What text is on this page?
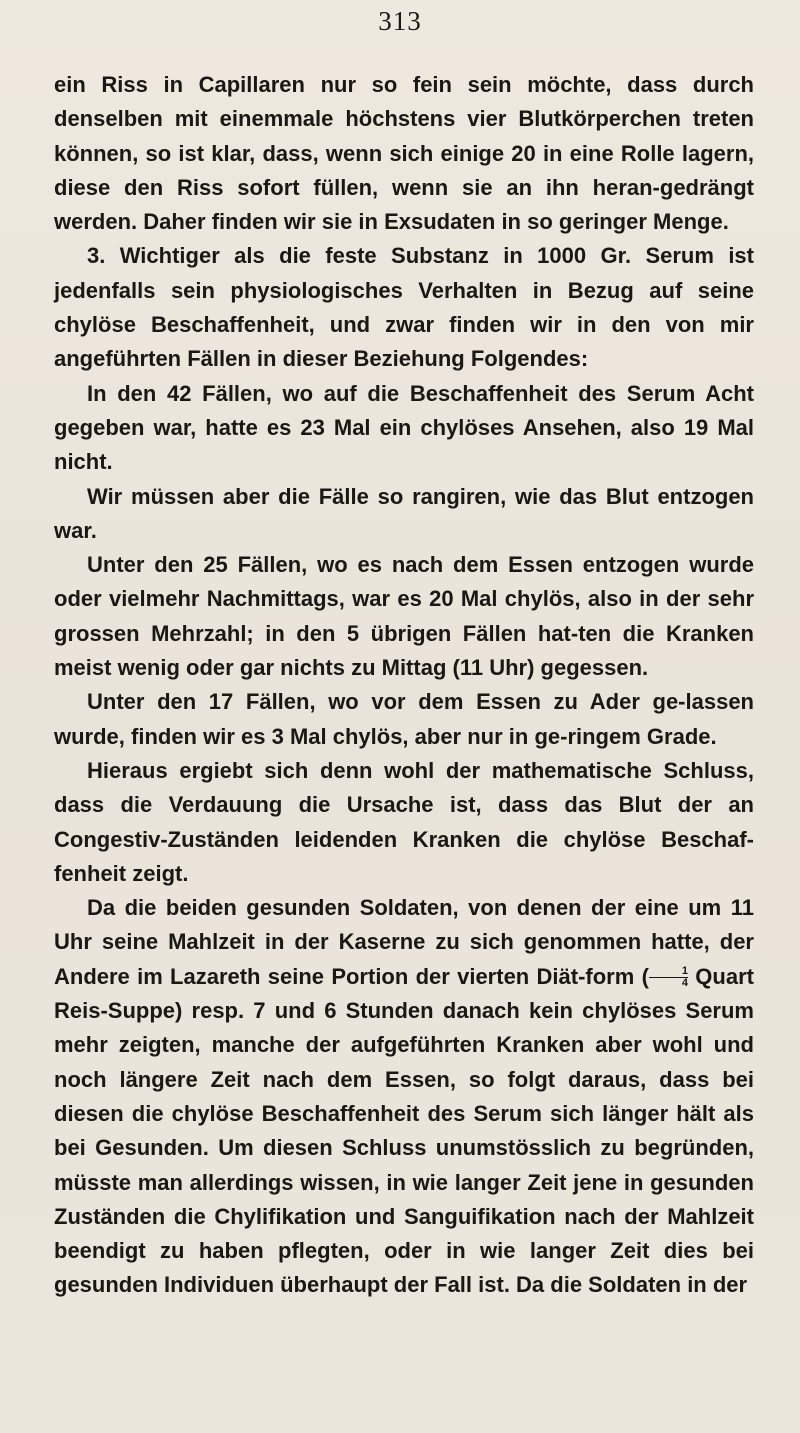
313

ein Riss in Capillaren nur so fein sein möchte, dass durch denselben mit einemmale höchstens vier Blutkörperchen treten können, so ist klar, dass, wenn sich einige 20 in eine Rolle lagern, diese den Riss sofort füllen, wenn sie an ihn heran-gedrängt werden. Daher finden wir sie in Exsudaten in so geringer Menge.

3. Wichtiger als die feste Substanz in 1000 Gr. Serum ist jedenfalls sein physiologisches Verhalten in Bezug auf seine chylöse Beschaffenheit, und zwar finden wir in den von mir angeführten Fällen in dieser Beziehung Folgendes:

In den 42 Fällen, wo auf die Beschaffenheit des Serum Acht gegeben war, hatte es 23 Mal ein chylöses Ansehen, also 19 Mal nicht.

Wir müssen aber die Fälle so rangiren, wie das Blut entzogen war.

Unter den 25 Fällen, wo es nach dem Essen entzogen wurde oder vielmehr Nachmittags, war es 20 Mal chylös, also in der sehr grossen Mehrzahl; in den 5 übrigen Fällen hat-ten die Kranken meist wenig oder gar nichts zu Mittag (11 Uhr) gegessen.

Unter den 17 Fällen, wo vor dem Essen zu Ader ge-lassen wurde, finden wir es 3 Mal chylös, aber nur in ge-ringem Grade.

Hieraus ergiebt sich denn wohl der mathematische Schluss, dass die Verdauung die Ursache ist, dass das Blut der an Congestiv-Zuständen leidenden Kranken die chylöse Beschaf-fenheit zeigt.

Da die beiden gesunden Soldaten, von denen der eine um 11 Uhr seine Mahlzeit in der Kaserne zu sich genommen hatte, der Andere im Lazareth seine Portion der vierten Diät-form ( $\frac{1}{4}$ Quart Reis-Suppe) resp. 7 und 6 Stunden danach kein chylöses Serum mehr zeigten, manche der aufgeführten Kranken aber wohl und noch längere Zeit nach dem Essen, so folgt daraus, dass bei diesen die chylöse Beschaffenheit des Serum sich länger hält als bei Gesunden. Um diesen Schluss unumstösslich zu begründen, müsste man allerdings wissen, in wie langer Zeit jene in gesunden Zuständen die Chylifikation und Sanguifikation nach der Mahlzeit beendigt zu haben pflegten, oder in wie langer Zeit dies bei gesunden Individuen überhaupt der Fall ist. Da die Soldaten in der
